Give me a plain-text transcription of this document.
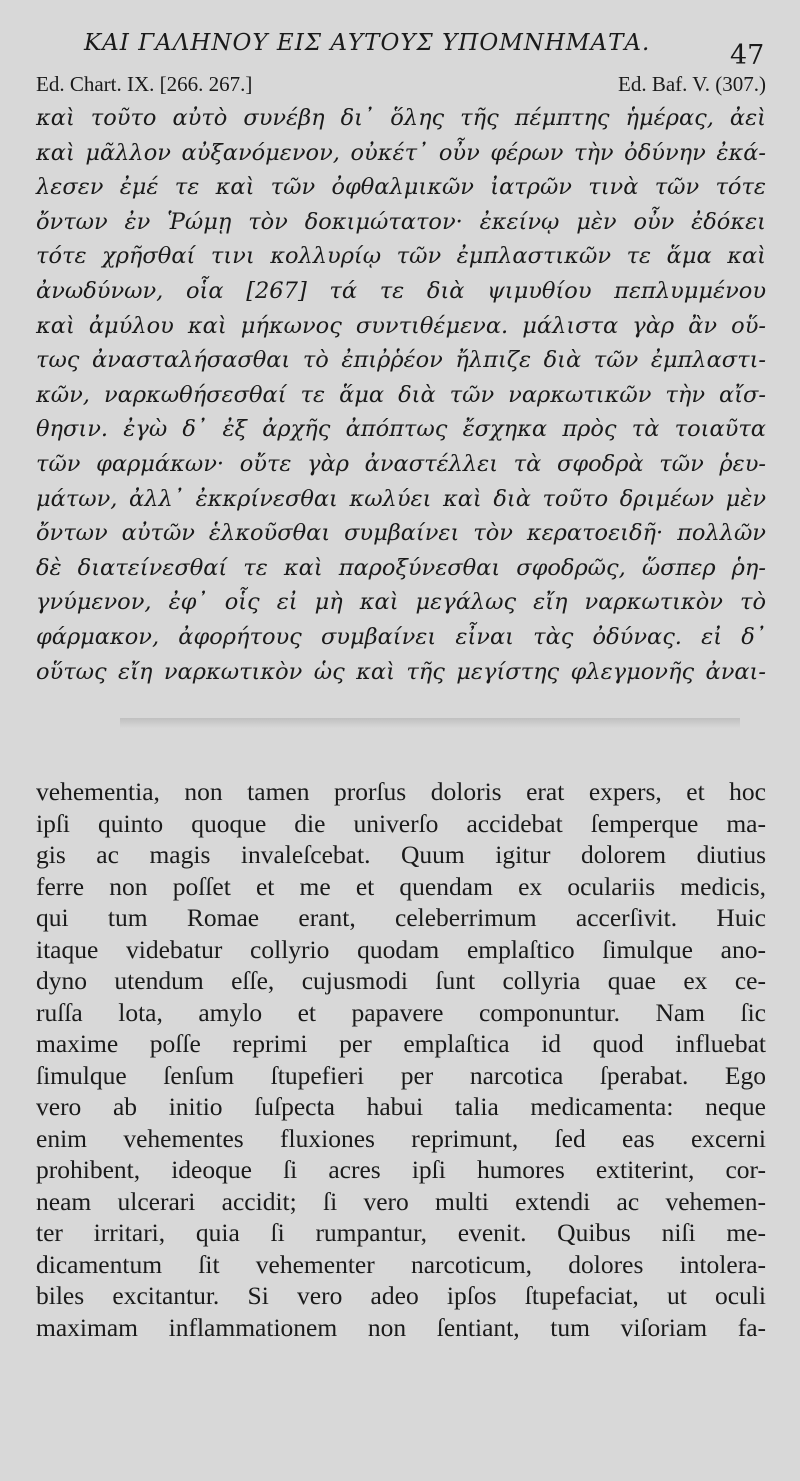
ΚΑΙ ΓΑΛΗΝΟΥ ΕΙΣ ΑΥΤΟΥΣ ΥΠΟΜΝΗΜΑΤΑ.	47
Ed. Chart. IX. [266. 267.]	Ed. Baf. V. (307.)
καὶ τοῦτο αὐτὸ συνέβη δι᾽ ὅλης τῆς πέμπτης ἡμέρας, ἀεὶ
καὶ μᾶλλον αὐξανόμενον, οὐκέτ᾽ οὖν φέρων τὴν ὀδύνην ἐκά-
λεσεν ἐμέ τε καὶ τῶν ὀφθαλμικῶν ἰατρῶν τινὰ τῶν τότε
ὄντων ἐν Ῥώμῃ τὸν δοκιμώτατον· ἐκείνῳ μὲν οὖν ἐδόκει
τότε χρῆσθαί τινι κολλυρίῳ τῶν ἐμπλαστικῶν τε ἅμα καὶ
ἀνωδύνων, οἷα [267] τά τε διὰ ψιμυθίου πεπλυμμένου
καὶ ἀμύλου καὶ μήκωνος συντιθέμενα. μάλιστα γὰρ ἂν οὕ-
τως ἀνασταλήσασθαι τὸ ἐπιῤῥέον ἤλπιζε διὰ τῶν ἐμπλαστι-
κῶν, ναρκωθήσεσθαί τε ἅμα διὰ τῶν ναρκωτικῶν τὴν αἴσ-
θησιν. ἐγὼ δ᾽ ἐξ ἀρχῆς ἀπόπτως ἔσχηκα πρὸς τὰ τοιαῦτα
τῶν φαρμάκων· οὔτε γὰρ ἀναστέλλει τὰ σφοδρὰ τῶν ῥευ-
μάτων, ἀλλ᾽ ἐκκρίνεσθαι κωλύει καὶ διὰ τοῦτο δριμέων μὲν
ὄντων αὐτῶν ἑλκοῦσθαι συμβαίνει τὸν κερατοειδῆ· πολλῶν
δὲ διατείνεσθαί τε καὶ παροξύνεσθαι σφοδρῶς, ὥσπερ ῥη-
γνύμενον, ἐφ᾽ οἷς εἰ μὴ καὶ μεγάλως εἴη ναρκωτικὸν τὸ
φάρμακον, ἀφορήτους συμβαίνει εἶναι τὰς ὀδύνας. εἰ δ᾽
οὕτως εἴη ναρκωτικὸν ὡς καὶ τῆς μεγίστης φλεγμονῆς ἀναι-
vehementia, non tamen prorſus doloris erat expers, et hoc
ipſi quinto quoque die univerſo accidebat ſemperque ma-
gis ac magis invaleſcebat. Quum igitur dolorem diutius
ferre non poſſet et me et quendam ex oculariis medicis,
qui tum Romae erant, celeberrimum accerſivit. Huic
itaque videbatur collyrio quodam emplaſtico ſimulque ano-
dyno utendum eſſe, cujusmodi ſunt collyria quae ex ce-
ruſſa lota, amylo et papavere componuntur. Nam ſic
maxime poſſe reprimi per emplaſtica id quod influebat
ſimulque ſenſum ſtupefieri per narcotica ſperabat. Ego
vero ab initio ſuſpecta habui talia medicamenta: neque
enim vehementes fluxiones reprimunt, ſed eas excerni
prohibent, ideoque ſi acres ipſi humores extiterint, cor-
neam ulcerari accidit; ſi vero multi extendi ac vehemen-
ter irritari, quia ſi rumpantur, evenit. Quibus niſi me-
dicamentum ſit vehementer narcoticum, dolores intolera-
biles excitantur. Si vero adeo ipſos ſtupefaciat, ut oculi
maximam inflammationem non ſentiant, tum viſoriam fa-
